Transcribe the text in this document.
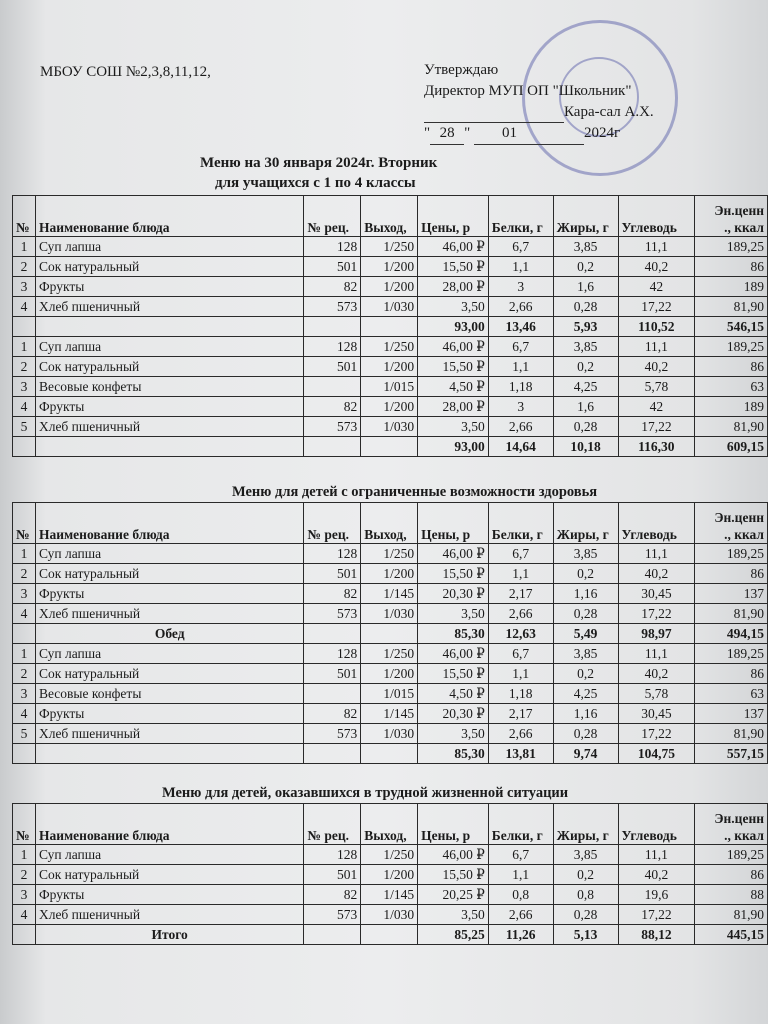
МБОУ СОШ №2,3,8,11,12,	Утверждаю
Директор МУП ОП "Школьник"
Кара-сал А.Х.
" 28 " 01	2024г
Меню на 30 января 2024г. Вторник
для учащихся с 1 по 4 классы
№	Наименование блюда	№ рец.	Выход,	Цены, р	Белки, г	Жиры, г	Углеводь	Эн.ценн
., ккал
1	Суп лапша	128	1/250	46,00 ₽	6,7	3,85	11,1	189,25
2	Сок натуральный	501	1/200	15,50 ₽	1,1	0,2	40,2	86
3	Фрукты	82	1/200	28,00 ₽	3	1,6	42	189
4	Хлеб пшеничный	573	1/030	3,50	2,66	0,28	17,22	81,90
				93,00	13,46	5,93	110,52	546,15
1	Суп лапша	128	1/250	46,00 ₽	6,7	3,85	11,1	189,25
2	Сок натуральный	501	1/200	15,50 ₽	1,1	0,2	40,2	86
3	Весовые конфеты		1/015	4,50 ₽	1,18	4,25	5,78	63
4	Фрукты	82	1/200	28,00 ₽	3	1,6	42	189
5	Хлеб пшеничный	573	1/030	3,50	2,66	0,28	17,22	81,90
				93,00	14,64	10,18	116,30	609,15
Меню для детей с ограниченные возможности здоровья
№	Наименование блюда	№ рец.	Выход,	Цены, р	Белки, г	Жиры, г	Углеводь	Эн.ценн
., ккал
1	Суп лапша	128	1/250	46,00 ₽	6,7	3,85	11,1	189,25
2	Сок натуральный	501	1/200	15,50 ₽	1,1	0,2	40,2	86
3	Фрукты	82	1/145	20,30 ₽	2,17	1,16	30,45	137
4	Хлеб пшеничный	573	1/030	3,50	2,66	0,28	17,22	81,90
	Обед			85,30	12,63	5,49	98,97	494,15
1	Суп лапша	128	1/250	46,00 ₽	6,7	3,85	11,1	189,25
2	Сок натуральный	501	1/200	15,50 ₽	1,1	0,2	40,2	86
3	Весовые конфеты		1/015	4,50 ₽	1,18	4,25	5,78	63
4	Фрукты	82	1/145	20,30 ₽	2,17	1,16	30,45	137
5	Хлеб пшеничный	573	1/030	3,50	2,66	0,28	17,22	81,90
				85,30	13,81	9,74	104,75	557,15
Меню для детей, оказавшихся в трудной жизненной ситуации
№	Наименование блюда	№ рец.	Выход,	Цены, р	Белки, г	Жиры, г	Углеводь	Эн.ценн
., ккал
1	Суп лапша	128	1/250	46,00 ₽	6,7	3,85	11,1	189,25
2	Сок натуральный	501	1/200	15,50 ₽	1,1	0,2	40,2	86
3	Фрукты	82	1/145	20,25 ₽	0,8	0,8	19,6	88
4	Хлеб пшеничный	573	1/030	3,50	2,66	0,28	17,22	81,90
	Итого			85,25	11,26	5,13	88,12	445,15
